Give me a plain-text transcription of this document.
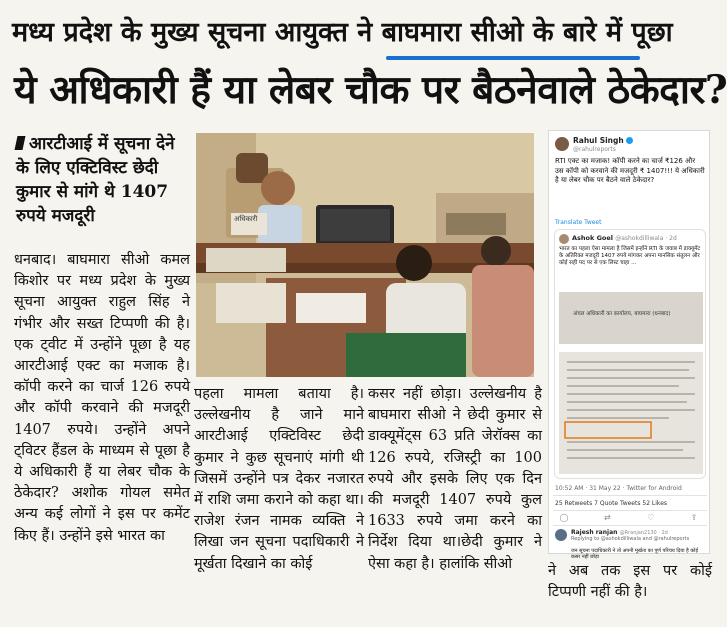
मध्य प्रदेश के मुख्य सूचना आयुक्त ने बाघमारा सीओ के बारे में पूछा
ये अधिकारी हैं या लेबर चौक पर बैठनेवाले ठेकेदार?
आरटीआई में सूचना देने के लिए एक्टिविस्ट छेदी कुमार से मांगे थे 1407 रुपये मजदूरी	अधिकारी
Rahul Singh
@rahulreports
RTI एक्ट का मजाक! कॉपी करने का चार्ज ₹126 और उस कॉपी को करवाने की मजदूरी ₹ 1407!!! ये अधिकारी है या लेबर चौक पर बैठने वाले ठेकेदार?
Translate Tweet
Ashok Goel @ashokdilliwala · 2d
भारत का पहला ऐसा मामला है जिसमें इन्होंने RTI के जवाब में डाक्यूमेंट के अतिरिक्त मजदूरी 1407 रुपये मांगकर अपना मानसिक संतुलन और कोई सही पद पर से एक लिस्ट चाहा ...
अंचल अधिकारी का कार्यालय, बाघमारा (धनबाद)
10:52 AM · 31 May 22 · Twitter for Android
25 Retweets 7 Quote Tweets 52 Likes
◯	⇄	♡	⇪
Rajesh ranjan @Rranjan2130 · 2d
Replying to @ashokdilliwala and @rahulreports
जन सूचना पदाधिकारी ने तो अपनी मूर्खता का पूर्ण परिचय दिया है कोई कसर नहीं छोड़ा
धनबाद। बाघमारा सीओ कमल किशोर पर मध्य प्रदेश के मुख्य सूचना आयुक्त राहुल सिंह ने गंभीर और सख्त टिप्पणी की है। एक ट्वीट में उन्होंने पूछा है यह आरटीआई एक्ट का मजाक है। कॉपी करने का चार्ज 126 रुपये और कॉपी करवाने की मजदूरी 1407 रुपये। उन्होंने अपने ट्विटर हैंडल के माध्यम से पूछा है ये अधिकारी हैं या लेबर चौक के ठेकेदार? अशोक गोयल समेत अन्य कई लोगों ने इस पर कमेंट किए हैं। उन्होंने इसे भारत का
पहला मामला बताया है। उल्लेखनीय है जाने माने आरटीआई एक्टिविस्ट छेदी कुमार ने कुछ सूचनाएं मांगी थी जिसमें उन्होंने पत्र देकर नजारत में राशि जमा कराने को कहा था। राजेश रंजन नामक व्यक्ति ने लिखा जन सूचना पदाधिकारी ने मूर्खता दिखाने का कोई
कसर नहीं छोड़ा। उल्लेखनीय है बाघमारा सीओ ने छेदी कुमार से डाक्यूमेंट्स 63 प्रति जेरॉक्स का 126 रुपये, रजिस्ट्री का 100 रुपये और इसके लिए एक दिन की मजदूरी 1407 रुपये कुल 1633 रुपये जमा करने का निर्देश दिया था।छेदी कुमार ने ऐसा कहा है। हालांकि सीओ	ने अब तक इस पर कोई टिप्पणी नहीं की है।
